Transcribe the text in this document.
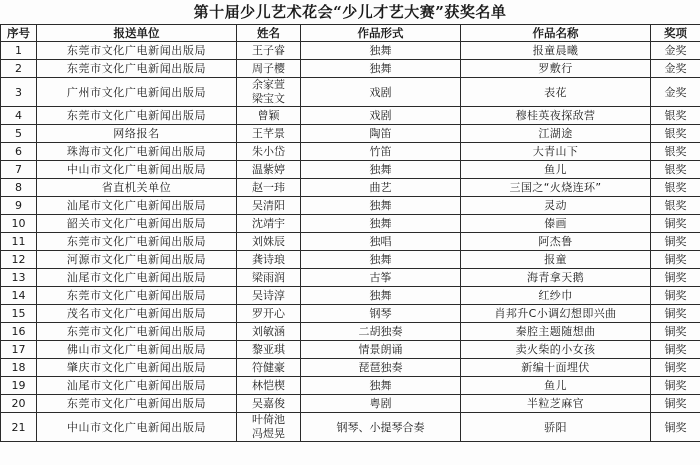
第十届少儿艺术花会“少儿才艺大赛”获奖名单
序号	报送单位	姓名	作品形式	作品名称	奖项
1	东莞市文化广电新闻出版局	王子睿	独舞	报童晨曦	金奖
2	东莞市文化广电新闻出版局	周子樱	独舞	罗敷行	金奖
3	广州市文化广电新闻出版局	余家萱
梁宝文	戏剧	表花	金奖
4	东莞市文化广电新闻出版局	曾颖	戏剧	穆桂英夜探敌营	银奖
5	网络报名	王芊景	陶笛	江湖途	银奖
6	珠海市文化广电新闻出版局	朱小岱	竹笛	大青山下	银奖
7	中山市文化广电新闻出版局	温紫婷	独舞	鱼儿	银奖
8	省直机关单位	赵一玮	曲艺	三国之“火烧连环”	银奖
9	汕尾市文化广电新闻出版局	吴清阳	独舞	灵动	银奖
10	韶关市文化广电新闻出版局	沈靖宇	独舞	傣画	铜奖
11	东莞市文化广电新闻出版局	刘姝辰	独唱	阿杰鲁	铜奖
12	河源市文化广电新闻出版局	龚诗琅	独舞	报童	铜奖
13	汕尾市文化广电新闻出版局	梁雨润	古筝	海青拿天鹅	铜奖
14	东莞市文化广电新闻出版局	吴诗淳	独舞	红纱巾	铜奖
15	茂名市文化广电新闻出版局	罗开心	钢琴	肖邦升C小调幻想即兴曲	铜奖
16	东莞市文化广电新闻出版局	刘敏涵	二胡独奏	秦腔主题随想曲	铜奖
17	佛山市文化广电新闻出版局	黎亚琪	情景朗诵	卖火柴的小女孩	铜奖
18	肇庆市文化广电新闻出版局	符健豪	琵琶独奏	新编十面埋伏	铜奖
19	汕尾市文化广电新闻出版局	林恺楔	独舞	鱼儿	铜奖
20	东莞市文化广电新闻出版局	吴嘉俊	粤剧	半粒芝麻官	铜奖
21	中山市文化广电新闻出版局	叶倚池
冯煜晃	钢琴、小提琴合奏	骄阳	铜奖
